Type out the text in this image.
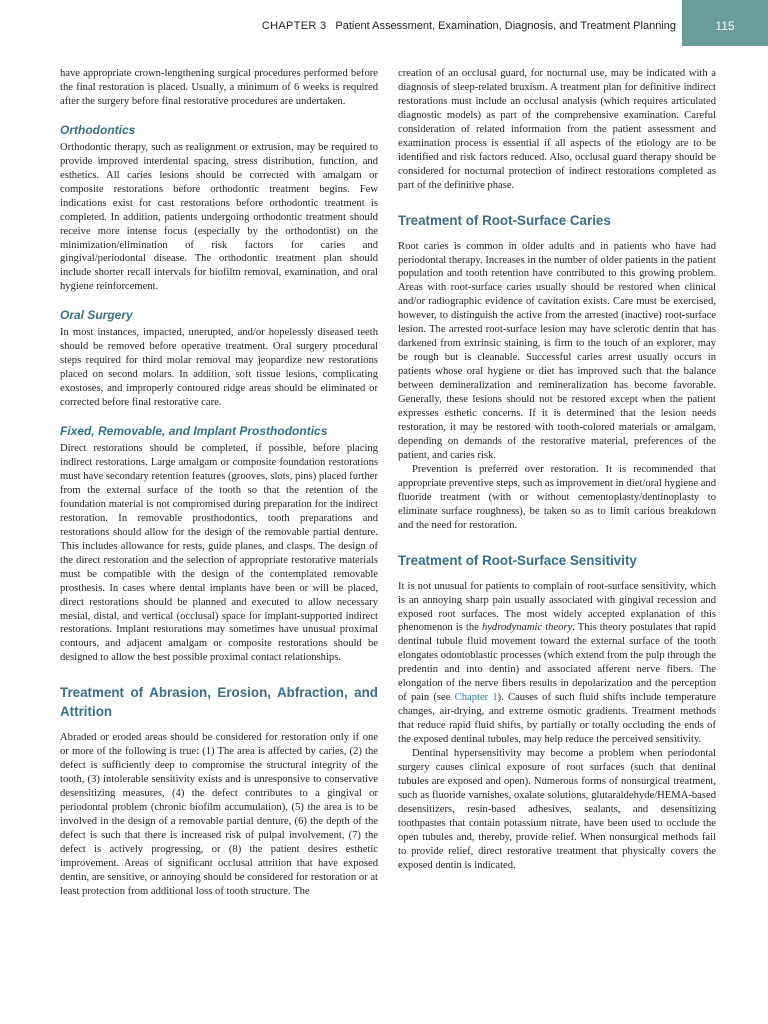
CHAPTER 3 Patient Assessment, Examination, Diagnosis, and Treatment Planning	115

have appropriate crown-lengthening surgical procedures performed before the final restoration is placed. Usually, a minimum of 6 weeks is required after the surgery before final restorative procedures are undertaken.

Orthodontics

Orthodontic therapy, such as realignment or extrusion, may be required to provide improved interdental spacing, stress distribution, function, and esthetics. All caries lesions should be corrected with amalgam or composite restorations before orthodontic treatment begins. Few indications exist for cast restorations before orthodontic treatment is completed. In addition, patients undergoing orthodontic treatment should receive more intense focus (especially by the orthodontist) on the minimization/elimination of risk factors for caries and gingival/periodontal disease. The orthodontic treatment plan should include shorter recall intervals for biofilm removal, examination, and oral hygiene reinforcement.

Oral Surgery

In most instances, impacted, unerupted, and/or hopelessly diseased teeth should be removed before operative treatment. Oral surgery procedural steps required for third molar removal may jeopardize new restorations placed on second molars. In addition, soft tissue lesions, complicating exostoses, and improperly contoured ridge areas should be eliminated or corrected before final restorative care.

Fixed, Removable, and Implant Prosthodontics

Direct restorations should be completed, if possible, before placing indirect restorations. Large amalgam or composite foundation restorations must have secondary retention features (grooves, slots, pins) placed further from the external surface of the tooth so that the retention of the foundation material is not compromised during preparation for the indirect restoration. In removable prosthodontics, tooth preparations and restorations should allow for the design of the removable partial denture. This includes allowance for rests, guide planes, and clasps. The design of the direct restoration and the selection of appropriate restorative materials must be compatible with the design of the contemplated removable prosthesis. In cases where dental implants have been or will be placed, direct restorations should be planned and executed to allow necessary mesial, distal, and vertical (occlusal) space for implant-supported indirect restorations. Implant restorations may sometimes have unusual proximal contours, and adjacent amalgam or composite restorations should be designed to allow the best possible proximal contact relationships.

Treatment of Abrasion, Erosion, Abfraction, and Attrition

Abraded or eroded areas should be considered for restoration only if one or more of the following is true: (1) The area is affected by caries, (2) the defect is sufficiently deep to compromise the structural integrity of the tooth, (3) intolerable sensitivity exists and is unresponsive to conservative desensitizing measures, (4) the defect contributes to a gingival or periodontal problem (chronic biofilm accumulation), (5) the area is to be involved in the design of a removable partial denture, (6) the depth of the defect is such that there is increased risk of pulpal involvement, (7) the defect is actively progressing, or (8) the patient desires esthetic improvement. Areas of significant occlusal attrition that have exposed dentin, are sensitive, or annoying should be considered for restoration or at least protection from additional loss of tooth structure. The

creation of an occlusal guard, for nocturnal use, may be indicated with a diagnosis of sleep-related bruxism. A treatment plan for definitive indirect restorations must include an occlusal analysis (which requires articulated diagnostic models) as part of the comprehensive examination. Careful consideration of related information from the patient assessment and examination process is essential if all aspects of the etiology are to be identified and risk factors reduced. Also, occlusal guard therapy should be considered for nocturnal protection of indirect restorations completed as part of the definitive phase.

Treatment of Root-Surface Caries

Root caries is common in older adults and in patients who have had periodontal therapy. Increases in the number of older patients in the patient population and tooth retention have contributed to this growing problem. Areas with root-surface caries usually should be restored when clinical and/or radiographic evidence of cavitation exists. Care must be exercised, however, to distinguish the active from the arrested (inactive) root-surface lesion. The arrested root-surface lesion may have sclerotic dentin that has darkened from extrinsic staining, is firm to the touch of an explorer, may be rough but is cleanable. Successful caries arrest usually occurs in patients whose oral hygiene or diet has improved such that the balance between demineralization and remineralization has become favorable. Generally, these lesions should not be restored except when the patient expresses esthetic concerns. If it is determined that the lesion needs restoration, it may be restored with tooth-colored materials or amalgam, depending on demands of the restorative material, preferences of the patient, and caries risk.

Prevention is preferred over restoration. It is recommended that appropriate preventive steps, such as improvement in diet/oral hygiene and fluoride treatment (with or without cementoplasty/dentinoplasty to eliminate surface roughness), be taken so as to limit carious breakdown and the need for restoration.

Treatment of Root-Surface Sensitivity

It is not unusual for patients to complain of root-surface sensitivity, which is an annoying sharp pain usually associated with gingival recession and exposed root surfaces. The most widely accepted explanation of this phenomenon is the hydrodynamic theory. This theory postulates that rapid dentinal tubule fluid movement toward the external surface of the tooth elongates odontoblastic processes (which extend from the pulp through the predentin and into dentin) and associated afferent nerve fibers. The elongation of the nerve fibers results in depolarization and the perception of pain (see Chapter 1). Causes of such fluid shifts include temperature changes, air-drying, and extreme osmotic gradients. Treatment methods that reduce rapid fluid shifts, by partially or totally occluding the ends of the exposed dentinal tubules, may help reduce the perceived sensitivity.

Dentinal hypersensitivity may become a problem when periodontal surgery causes clinical exposure of root surfaces (such that dentinal tubules are exposed and open). Numerous forms of nonsurgical treatment, such as fluoride varnishes, oxalate solutions, glutaraldehyde/HEMA-based desensitizers, resin-based adhesives, sealants, and desensitizing toothpastes that contain potassium nitrate, have been used to occlude the open tubules and, thereby, provide relief. When nonsurgical methods fail to provide relief, direct restorative treatment that physically covers the exposed dentin is indicated.
